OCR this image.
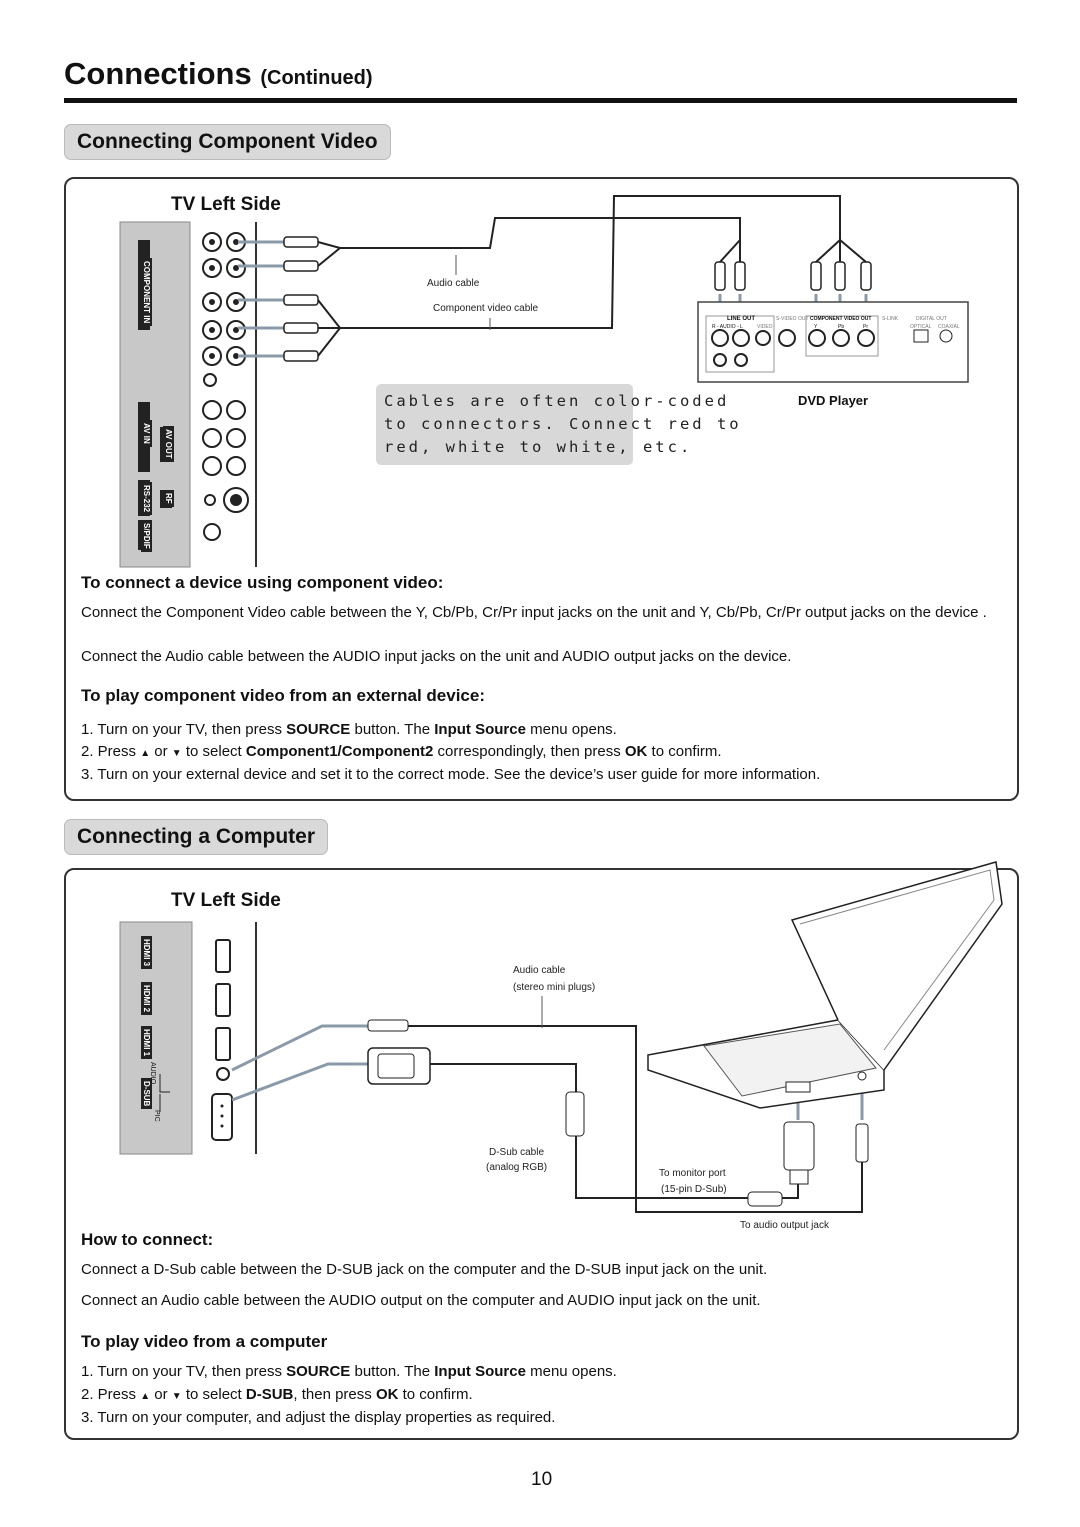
Connections (Continued)
Connecting Component Video
TV Left Side
COMPONENT IN
AV IN AV OUT
RF
RS-232
S/PDIF
Audio cable
Component video cable
LINE OUT
R - AUDIO - L
S-VIDEO OUT COMPONENT VIDEO OUT S-LINK	DIGITAL OUT
Y	Pb	Pr
VIDEO	OPTICAL COAXIAL
DVD Player
Cables are often color-coded
to connectors. Connect red to
red, white to white, etc.
To connect a device using component video:
Connect the Component Video cable between the Y, Cb/Pb, Cr/Pr input jacks on the unit and Y, Cb/Pb, Cr/Pr output jacks on the device .
Connect the Audio cable between the AUDIO input jacks on the unit and AUDIO output jacks on the device.
To play component video from an external device:
1. Turn on your TV, then press SOURCE button. The Input Source menu opens.
2. Press ▲ or ▼ to select Component1/Component2 correspondingly, then press OK to confirm.
3. Turn on your external device and set it to the correct mode. See the device’s user guide for more information.
Connecting a Computer
TV Left Side
HDMI 3
HDMI 2
HDMI 1
D-SUB
AUDIO
PIC
Audio cable
(stereo mini plugs)
D-Sub cable
(analog RGB)
To monitor port
(15-pin D-Sub)
To audio output jack
How to connect:
Connect a D-Sub cable between the D-SUB jack on the computer and the D-SUB input jack on the unit.
Connect an Audio cable between the AUDIO output on the computer and AUDIO input jack on the unit.
To play video from a computer
1. Turn on your TV, then press SOURCE button. The Input Source menu opens.
2. Press ▲ or ▼ to select D-SUB, then press OK to confirm.
3. Turn on your computer, and adjust the display properties as required.
10
